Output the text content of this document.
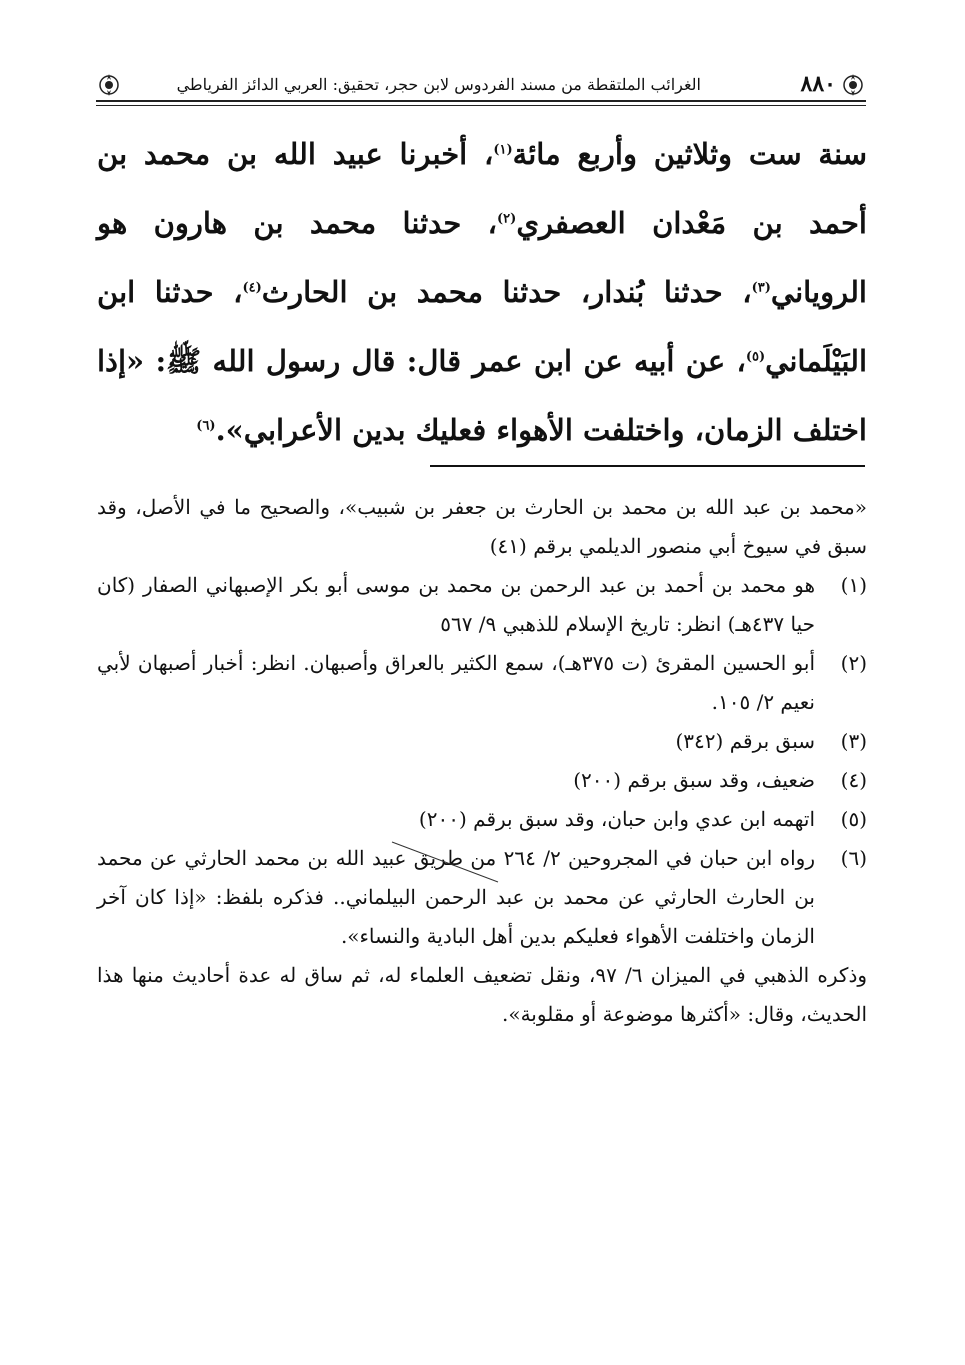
٨٨٠
الغرائب الملتقطة من مسند الفردوس لابن حجر، تحقيق: العربي الدائز الفرياطي

سنة ست وثلاثين وأربع مائة$^{(١)}$، أخبرنا عبيد الله بن محمد بن أحمد بن مَعْدان العصفري$^{(٢)}$، حدثنا محمد بن هارون هو الروياني$^{(٣)}$، حدثنا بُندار، حدثنا محمد بن الحارث$^{(٤)}$، حدثنا ابن البَيْلَماني$^{(٥)}$، عن أبيه عن ابن عمر قال: قال رسول الله ﷺ: «إذا اختلف الزمان، واختلفت الأهواء فعليك بدين الأعرابي».$^{(٦)}$

«محمد بن عبد الله بن محمد بن الحارث بن جعفر بن شبيب»، والصحيح ما في الأصل، وقد سبق في سيوخ أبي منصور الديلمي برقم (٤١)

(١)

هو محمد بن أحمد بن عبد الرحمن بن محمد بن موسى أبو بكر الإصبهاني الصفار (كان حيا ٤٣٧هـ) انظر: تاريخ الإسلام للذهبي ٩/ ٥٦٧

(٢)

أبو الحسين المقرئ (ت ٣٧٥هـ)، سمع الكثير بالعراق وأصبهان. انظر: أخبار أصبهان لأبي نعيم ٢/ ١٠٥.

(٣)

سبق برقم (٣٤٢)

(٤)

ضعيف، وقد سبق برقم (٢٠٠)

(٥)

اتهمه ابن عدي وابن حبان، وقد سبق برقم (٢٠٠)

(٦)

رواه ابن حبان في المجروحين ٢/ ٢٦٤ من طريق عبيد الله بن محمد الحارثي عن محمد بن الحارث الحارثي عن محمد بن عبد الرحمن البيلماني.. فذكره بلفظ: «إذا كان آخر الزمان واختلفت الأهواء فعليكم بدين أهل البادية والنساء».

وذكره الذهبي في الميزان ٦/ ٩٧، ونقل تضعيف العلماء له، ثم ساق له عدة أحاديث منها هذا الحديث، وقال: «أكثرها موضوعة أو مقلوبة».
